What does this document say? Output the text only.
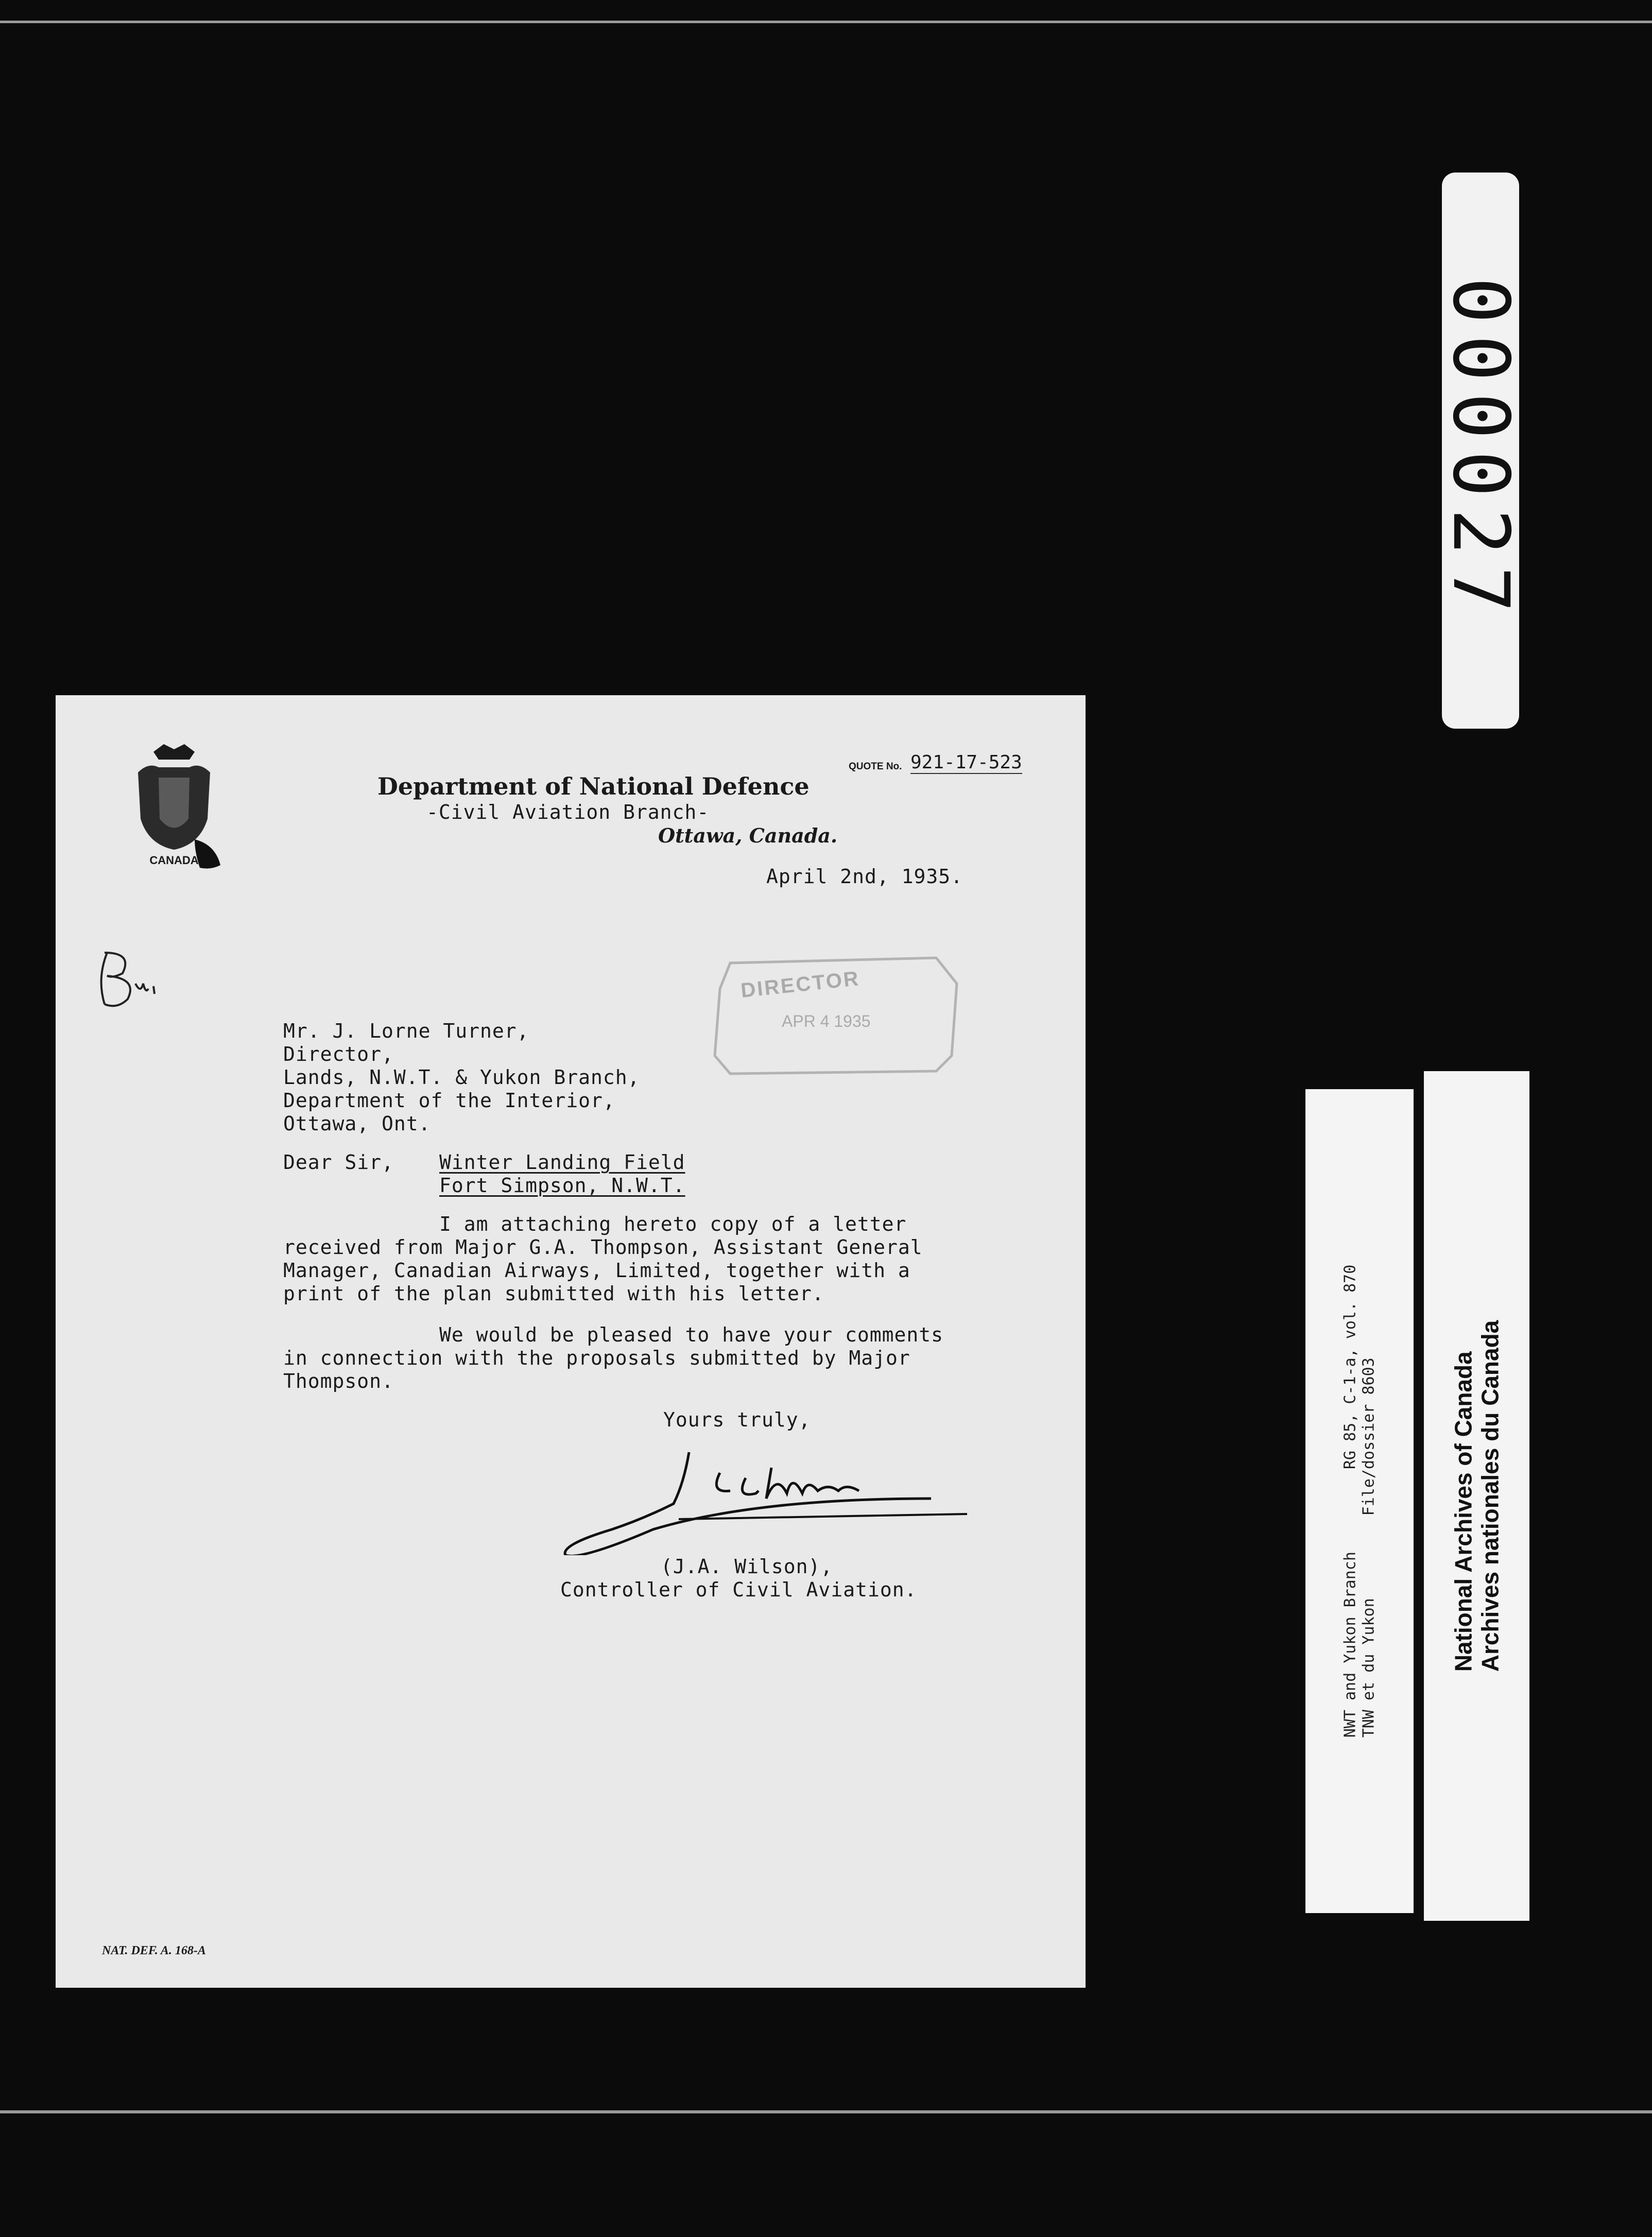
000027
CANADA
Department of National Defence
-Civil Aviation Branch-
Ottawa, Canada.
QUOTE No. 921-17-523
April 2nd, 1935.
DIRECTOR
APR 4 1935
Mr. J. Lorne Turner,
Director,
Lands, N.W.T. & Yukon Branch,
Department of the Interior,
Ottawa, Ont.
Dear Sir, Winter Landing Field
Fort Simpson, N.W.T.
I am attaching hereto copy of a letter
received from Major G.A. Thompson, Assistant General
Manager, Canadian Airways, Limited, together with a
print of the plan submitted with his letter.
We would be pleased to have your comments
in connection with the proposals submitted by Major
Thompson.
Yours truly,
(J.A. Wilson),
Controller of Civil Aviation.
NAT. DEF. A. 168-A
NWT and Yukon Branch
RG 85, C-1-a, vol. 870
TNW et du Yukon
File/dossier 8603	National Archives of Canada Archives nationales du Canada
